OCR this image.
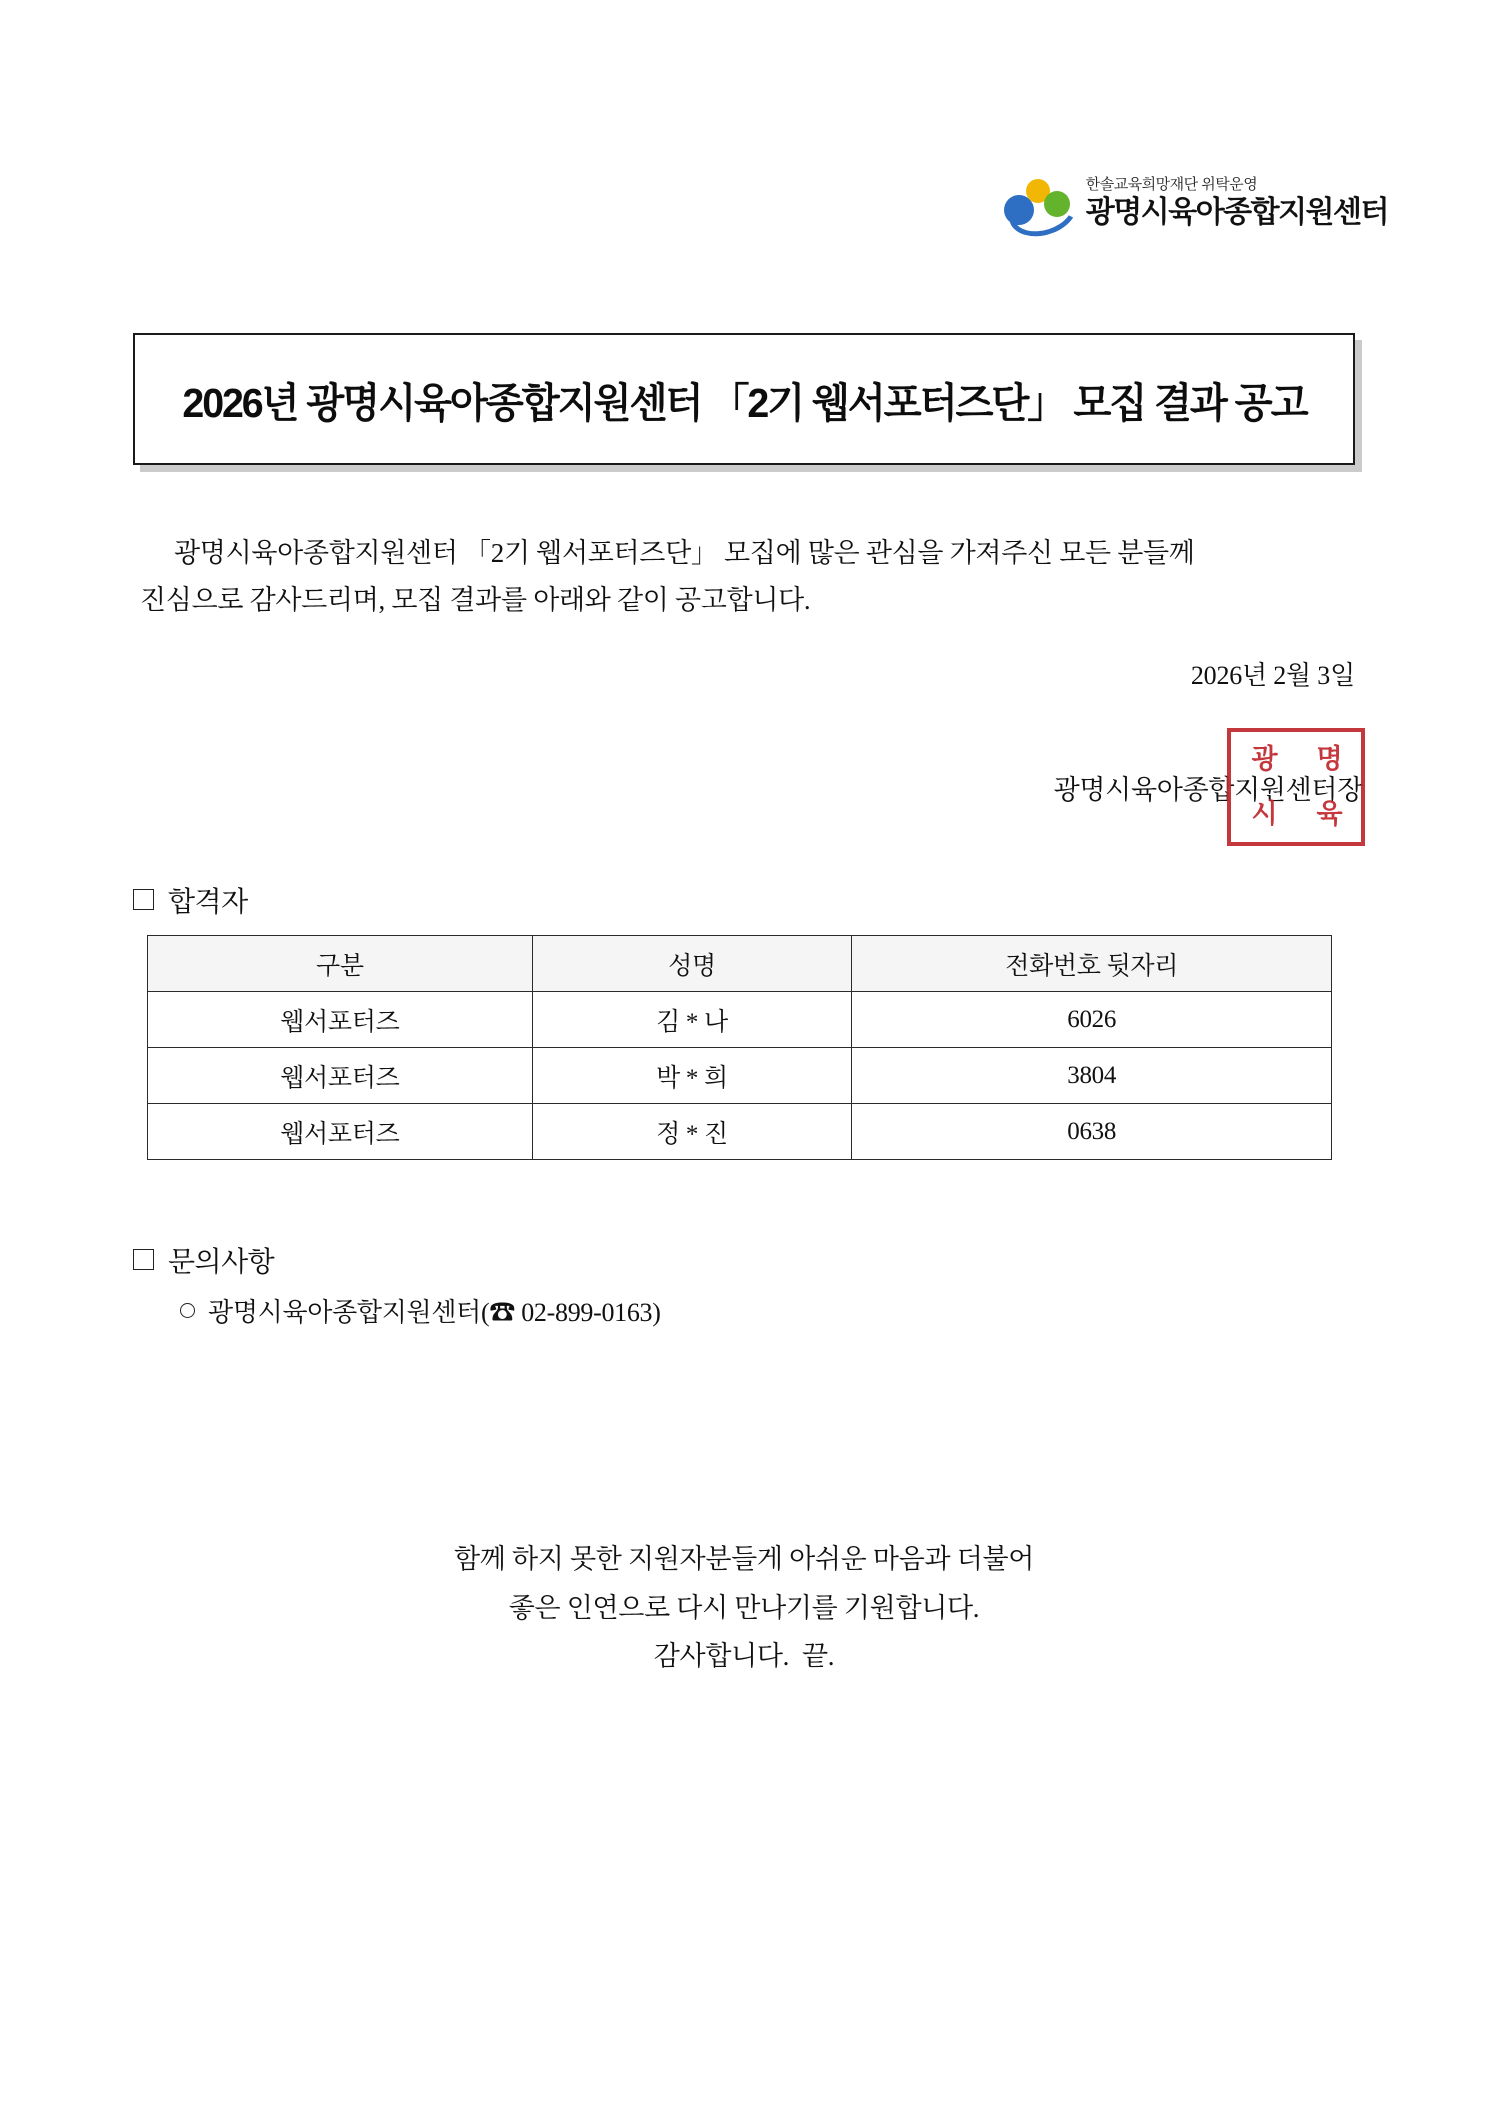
한솔교육희망재단 위탁운영
광명시육아종합지원센터
2026년 광명시육아종합지원센터 「2기 웹서포터즈단」 모집 결과 공고
광명시육아종합지원센터 「2기 웹서포터즈단」 모집에 많은 관심을 가져주신 모든 분들께
진심으로 감사드리며, 모집 결과를 아래와 같이 공고합니다.
2026년 2월 3일
광명시육아종합지원센터장
광 명
시 육
합격자
구분	성명	전화번호 뒷자리
웹서포터즈	김 * 나	6026
웹서포터즈	박 * 희	3804
웹서포터즈	정 * 진	0638
문의사항
광명시육아종합지원센터(☎ 02-899-0163)
함께 하지 못한 지원자분들게 아쉬운 마음과 더불어
좋은 인연으로 다시 만나기를 기원합니다.
감사합니다.  끝.
